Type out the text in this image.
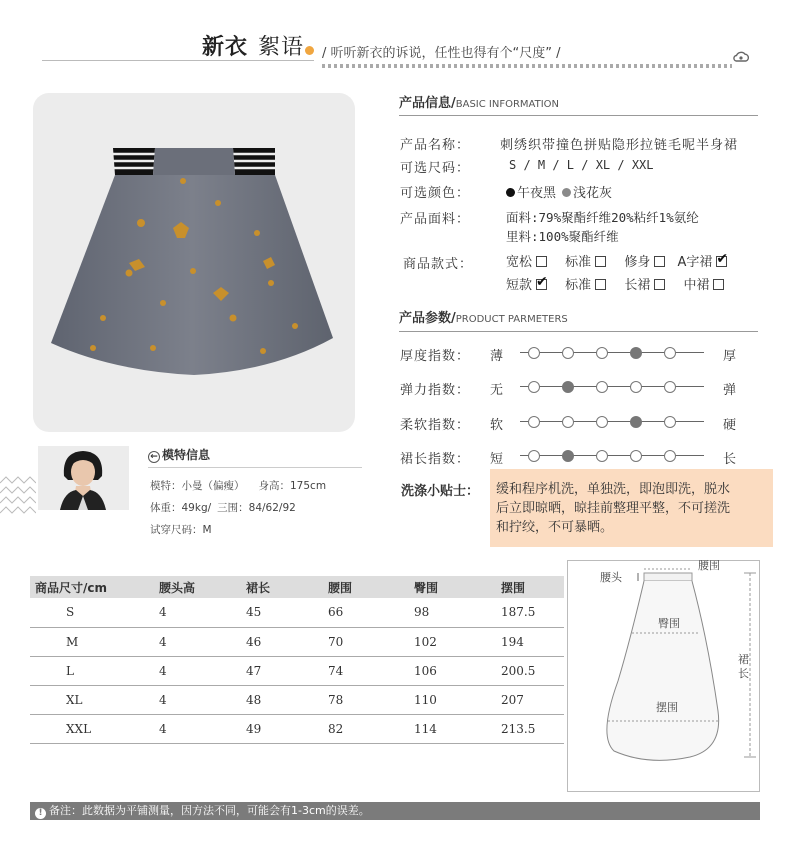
新衣 絮语 / 听听新衣的诉说，任性也得有个“尺度” /
← 模特信息
模特：小曼（偏瘦） 身高：175cm
体重：49kg/ 三围：84/62/92
试穿尺码：M
产品信息/BASIC INFORMATION
产品名称： 刺绣织带撞色拼贴隐形拉链毛呢半身裙
可选尺码：	S / M / L / XL / XXL
可选颜色：	午夜黑 浅花灰
产品面料：	面料:79%聚酯纤维20%粘纤1%氨纶
里料:100%聚酯纤维
商品款式：	宽松	标准	修身 A字裙✔
短款 ✔	标准	长裙	中裙
产品参数/PRODUCT PARMETERS
厚度指数： 薄	厚
弹力指数： 无	弹
柔软指数： 软	硬
裙长指数： 短	长
洗涤小贴士： 缓和程序机洗，单独洗，即泡即洗，脱水
后立即晾晒，晾挂前整理平整，不可搓洗
和拧绞，不可暴晒。
商品尺寸/cm	腰头高	裙长	腰围	臀围	摆围
S	4	45	66	98	187.5
M	4	46	70	102	194
L	4	47	74	106	200.5
XL	4	48	78	110	207
XXL	4	49	82	114	213.5
腰头
腰围
臀围
摆围
裙长
! 备注：此数据为平铺测量，因方法不同，可能会有1-3cm的误差。
